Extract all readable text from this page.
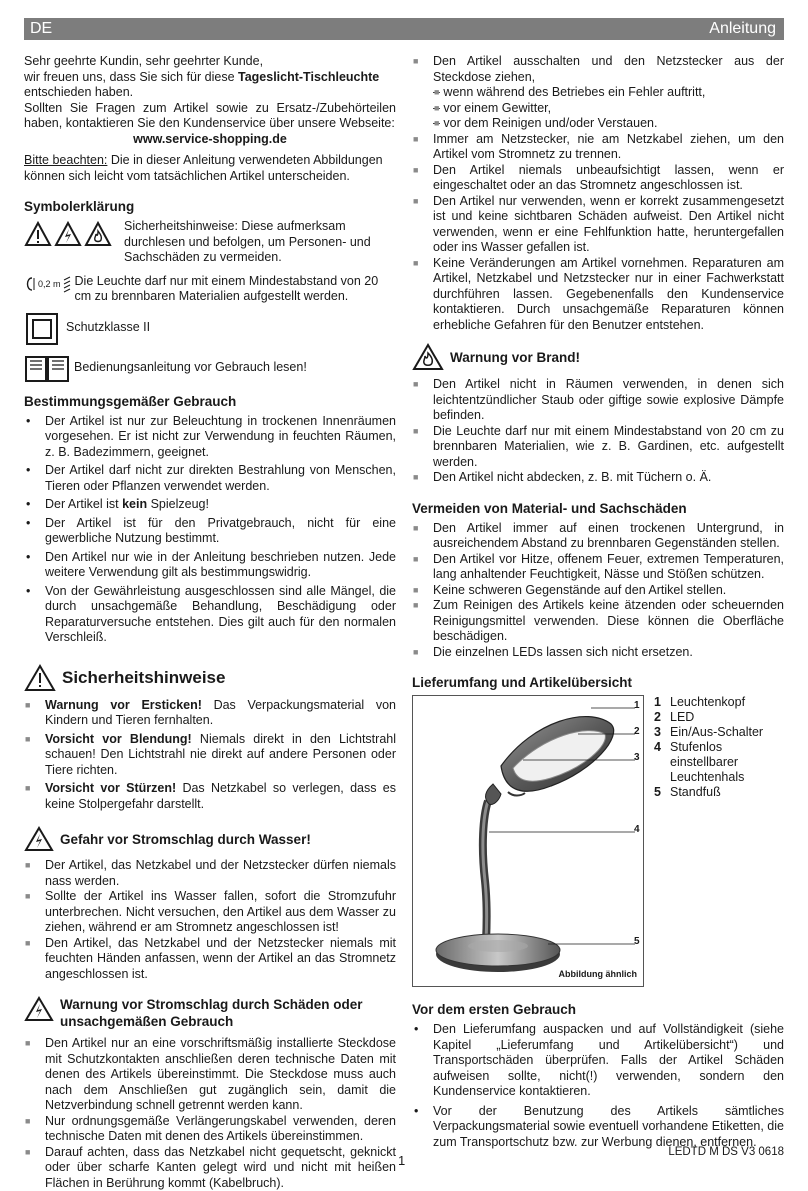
DE	Anleitung

Sehr geehrte Kundin, sehr geehrter Kunde,

wir freuen uns, dass Sie sich für diese Tageslicht-Tischleuchte

entschieden haben.

Sollten Sie Fragen zum Artikel sowie zu Ersatz-/Zubehörteilen haben, kontaktieren Sie den Kundenservice über unsere Webseite:

www.service-shopping.de

Bitte beachten: Die in dieser Anleitung verwendeten Abbildungen können sich leicht vom tatsächlichen Artikel unterscheiden.

Symbolerklärung

Sicherheitshinweise: Diese aufmerksam durchlesen und befolgen, um Personen- und Sachschäden zu vermeiden.

0,2 m	Die Leuchte darf nur mit einem Mindestabstand von 20 cm zu brennbaren Materialien aufgestellt werden.

Schutzklasse II

Bedienungsanleitung vor Gebrauch lesen!

Bestimmungsgemäßer Gebrauch
• Der Artikel ist nur zur Beleuchtung in trockenen Innenräumen vorgesehen. Er ist nicht zur Verwendung in feuchten Räumen, z. B. Badezimmern, geeignet.
• Der Artikel darf nicht zur direkten Bestrahlung von Menschen, Tieren oder Pflanzen verwendet werden.
• Der Artikel ist kein Spielzeug!
• Der Artikel ist für den Privatgebrauch, nicht für eine gewerbliche Nutzung bestimmt.
• Den Artikel nur wie in der Anleitung beschrieben nutzen. Jede weitere Verwendung gilt als bestimmungswidrig.
• Von der Gewährleistung ausgeschlossen sind alle Mängel, die durch unsachgemäße Behandlung, Beschädigung oder Reparaturversuche entstehen. Dies gilt auch für den normalen Verschleiß.
Sicherheitshinweise
■ Warnung vor Ersticken! Das Verpackungsmaterial von Kindern und Tieren fernhalten.
■ Vorsicht vor Blendung! Niemals direkt in den Lichtstrahl schauen! Den Lichtstrahl nie direkt auf andere Personen oder Tiere richten.
■ Vorsicht vor Stürzen! Das Netzkabel so verlegen, dass es keine Stolpergefahr darstellt.
Gefahr vor Stromschlag durch Wasser!
■ Der Artikel, das Netzkabel und der Netzstecker dürfen niemals nass werden.
■ Sollte der Artikel ins Wasser fallen, sofort die Stromzufuhr unterbrechen. Nicht versuchen, den Artikel aus dem Wasser zu ziehen, während er am Stromnetz angeschlossen ist!
■ Den Artikel, das Netzkabel und der Netzstecker niemals mit feuchten Händen anfassen, wenn der Artikel an das Stromnetz angeschlossen ist.
Warnung vor Stromschlag durch Schäden oder unsachgemäßen Gebrauch
■ Den Artikel nur an eine vorschriftsmäßig installierte Steckdose mit Schutzkontakten anschließen deren technische Daten mit denen des Artikels übereinstimmt. Die Steckdose muss auch nach dem Anschließen gut zugänglich sein, damit die Netzverbindung schnell getrennt werden kann.
■ Nur ordnungsgemäße Verlängerungskabel verwenden, deren technische Daten mit denen des Artikels übereinstimmen.
■ Darauf achten, dass das Netzkabel nicht gequetscht, geknickt oder über scharfe Kanten gelegt wird und nicht mit heißen Flächen in Berührung kommt (Kabelbruch).
■ Den Artikel ausschalten und den Netzstecker aus der Steckdose ziehen,
■ – wenn während des Betriebes ein Fehler auftritt,
■ – vor einem Gewitter,
■ – vor dem Reinigen und/oder Verstauen.
■ Immer am Netzstecker, nie am Netzkabel ziehen, um den Artikel vom Stromnetz zu trennen.
■ Den Artikel niemals unbeaufsichtigt lassen, wenn er eingeschaltet oder an das Stromnetz angeschlossen ist.
■ Den Artikel nur verwenden, wenn er korrekt zusammengesetzt ist und keine sichtbaren Schäden aufweist. Den Artikel nicht verwenden, wenn er eine Fehlfunktion hatte, heruntergefallen oder ins Wasser gefallen ist.
■ Keine Veränderungen am Artikel vornehmen. Reparaturen am Artikel, Netzkabel und Netzstecker nur in einer Fachwerkstatt durchführen lassen. Gegebenenfalls den Kundenservice kontaktieren. Durch unsachgemäße Reparaturen können erhebliche Gefahren für den Benutzer entstehen.
Warnung vor Brand!
■ Den Artikel nicht in Räumen verwenden, in denen sich leichtentzündlicher Staub oder giftige sowie explosive Dämpfe befinden.
■ Die Leuchte darf nur mit einem Mindestabstand von 20 cm zu brennbaren Materialien, wie z. B. Gardinen, etc. aufgestellt werden.
■ Den Artikel nicht abdecken, z. B. mit Tüchern o. Ä.
Vermeiden von Material- und Sachschäden
■ Den Artikel immer auf einen trockenen Untergrund, in ausreichendem Abstand zu brennbaren Gegenständen stellen.
■ Den Artikel vor Hitze, offenem Feuer, extremen Temperaturen, lang anhaltender Feuchtigkeit, Nässe und Stößen schützen.
■ Keine schweren Gegenstände auf den Artikel stellen.
■ Zum Reinigen des Artikels keine ätzenden oder scheuernden Reinigungsmittel verwenden. Diese können die Oberfläche beschädigen.
■ Die einzelnen LEDs lassen sich nicht ersetzen.
Lieferumfang und Artikelübersicht
1
2
3
4
5
Abbildung ähnlich
1 Leuchtenkopf
2 LED
3 Ein/Aus-Schalter
4 Stufenlos einstellbarer Leuchtenhals
5 Standfuß
Vor dem ersten Gebrauch
• Den Lieferumfang auspacken und auf Vollständigkeit (siehe Kapitel „Lieferumfang und Artikelübersicht“) und Transportschäden überprüfen. Falls der Artikel Schäden aufweisen sollte, nicht(!) verwenden, sondern den Kundenservice kontaktieren.
• Vor der Benutzung des Artikels sämtliches Verpackungsmaterial sowie eventuell vorhandene Etiketten, die zum Transportschutz bzw. zur Werbung dienen, entfernen.
1
LEDTD M DS V3 0618
